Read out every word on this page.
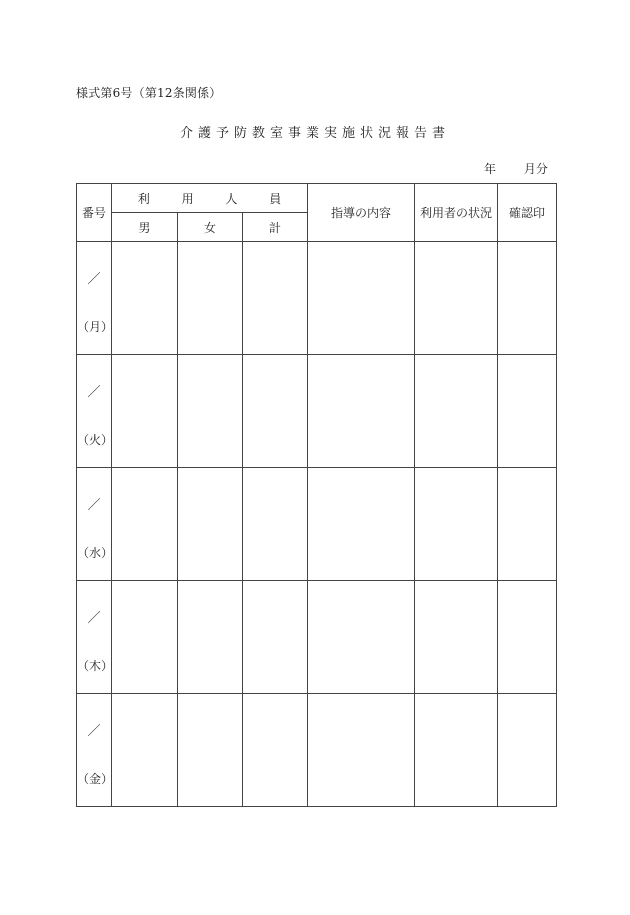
様式第6号（第12条関係）
介護予防教室事業実施状況報告書
年 月分
番号	利 用 人 員			指導の内容	利用者の状況	確認印
	男	女	計			

／
（月）						

／
（火）						

／
（水）						

／
（木）						

／
（金）						
